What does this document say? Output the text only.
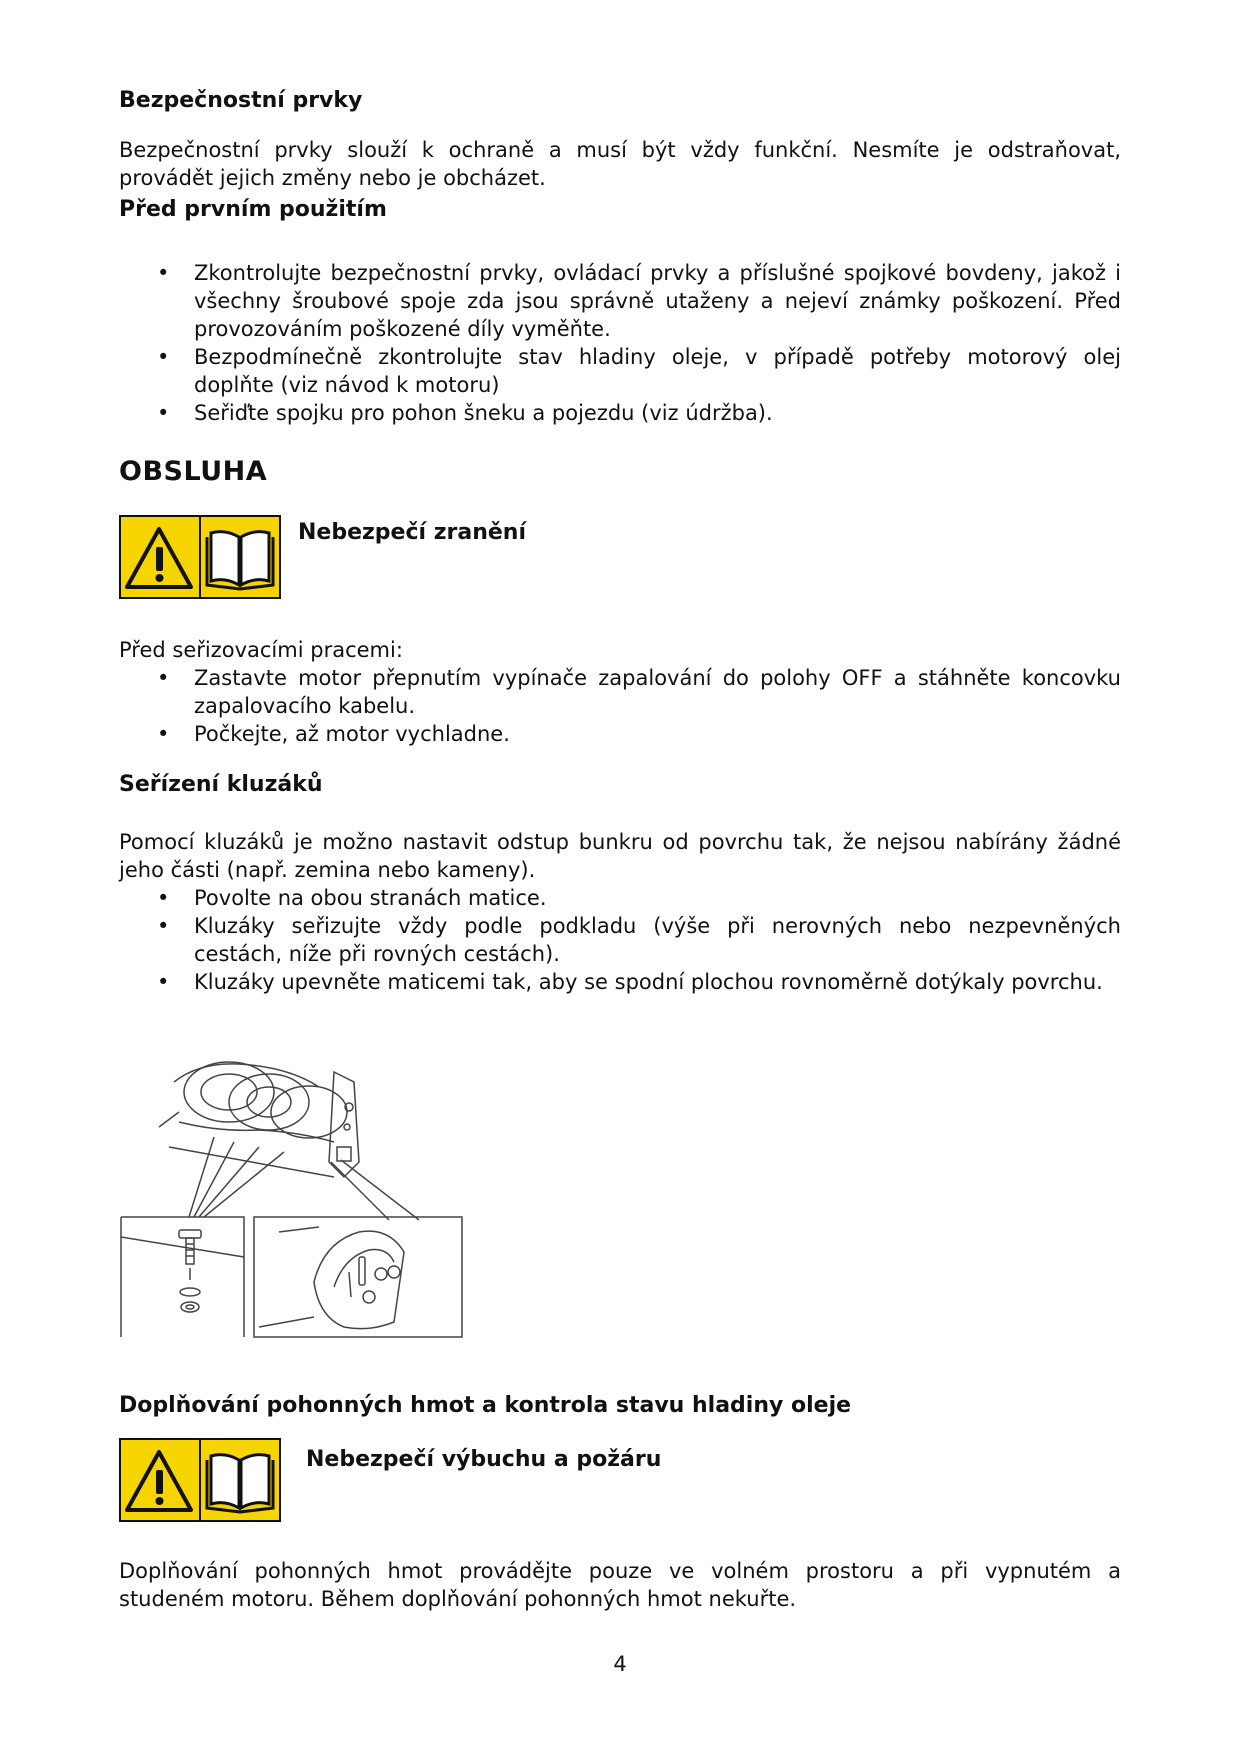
Bezpečnostní prvky

Bezpečnostní prvky slouží k ochraně a musí být vždy funkční. Nesmíte je odstraňovat, provádět jejich změny nebo je obcházet.

Před prvním použitím
• Zkontrolujte bezpečnostní prvky, ovládací prvky a příslušné spojkové bovdeny, jakož i všechny šroubové spoje zda jsou správně utaženy a nejeví známky poškození. Před provozováním poškozené díly vyměňte.
• Bezpodmínečně zkontrolujte stav hladiny oleje, v případě potřeby motorový olej doplňte (viz návod k motoru)
• Seřiďte spojku pro pohon šneku a pojezdu (viz údržba).
OBSLUHA
Nebezpečí zranění

Před seřizovacími pracemi:

• Zastavte motor přepnutím vypínače zapalování do polohy OFF a stáhněte koncovku zapalovacího kabelu.
• Počkejte, až motor vychladne.
Seřízení kluzáků

Pomocí kluzáků je možno nastavit odstup bunkru od povrchu tak, že nejsou nabírány žádné jeho části (např. zemina nebo kameny).

• Povolte na obou stranách matice.
• Kluzáky seřizujte vždy podle podkladu (výše při nerovných nebo nezpevněných cestách, níže při rovných cestách).
• Kluzáky upevněte maticemi tak, aby se spodní plochou rovnoměrně dotýkaly povrchu.
Doplňování pohonných hmot a kontrola stavu hladiny oleje
Nebezpečí výbuchu a požáru

Doplňování pohonných hmot provádějte pouze ve volném prostoru a při vypnutém a studeném motoru. Během doplňování pohonných hmot nekuřte.

4
